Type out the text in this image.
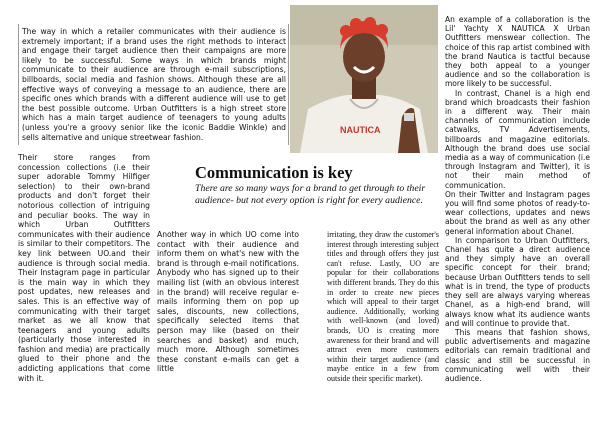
The way in which a retailer communicates with their audience is extremely important; if a brand uses the right methods to interact and engage their target audience then their campaigns are more likely to be successful. Some ways in which brands might communicate to their audience are through e-mail subscriptions, billboards, social media and fashion shows. Although these are all effective ways of conveying a message to an audience, there are specific ones which brands with a different audience will use to get the best possible outcome. Urban Outfitters is a high street store which has a main target audience of teenagers to young adults (unless you're a groovy senior like the iconic Baddie Winkle) and sells alternative and unique streetwear fashion.

Their store ranges from concession collections (i.e their super adorable Tommy Hilfiger selection) to their own-brand products and don't forget their notorious collection of intriguing and peculiar books. The way in which Urban Outfitters communicates with their audience is similar to their competitors. The key link between UO.and their audience is through social media. Their Instagram page in particular is the main way in which they post updates, new releases and sales. This is an effective way of communicating with their target market as we all know that teenagers and young adults (particularly those interested in fashion and media) are practically glued to their phone and the addicting applications that come with it.

NAUTICA
Communication is key
There are so many ways for a brand to get through to their audience- but not every option is right for every audience.

Another way in which UO come into contact with their audience and inform them on what's new with the brand is through e-mail notifications. Anybody who has signed up to their mailing list (with an obvious interest in the brand) will receive regular e-mails informing them on pop up sales, discounts, new collections, specifically selected items that person may like (based on their searches and basket) and much, much more. Although sometimes these constant e-mails can get a little

irritating, they draw the customer's interest through interesting subject titles and through offers they just can't refuse. Lastly, UO are popular for their collaborations with different brands. They do this in order to create new pieces which will appeal to their target audience. Additionally, working with well-known (and loved) brands, UO is creating more awareness for their brand and will attract even more customers within their target audience (and maybe entice in a few from outside their specific market).

An example of a collaboration is the Lil' Yachty X NAUTICA X Urban Outfitters menswear collection. The choice of this rap artist combined with the brand Nautica is tactful because they both appeal to a younger audience and so the collaboration is more likely to be successful.

In contrast, Chanel is a high end brand which broadcasts their fashion in a different way. Their main channels of communication include catwalks, TV Advertisements, billboards and magazine editorials. Although the brand does use social media as a way of communication (i.e through Instagram and Twitter), it is not their main method of communication.

On their Twitter and Instagram pages you will find some photos of ready-to-wear collections, updates and news about the brand as well as any other general information about Chanel.

In comparison to Urban Outfitters, Chanel has quite a direct audience and they simply have an overall specific concept for their brand; because Urban Outfitters tends to sell what is in trend, the type of products they sell are always varying whereas Chanel, as a high-end brand, will always know what its audience wants and will continue to provide that.

This means that fashion shows, public advertisements and magazine editorials can remain traditional and classic and still be successful in communicating well with their audience.
